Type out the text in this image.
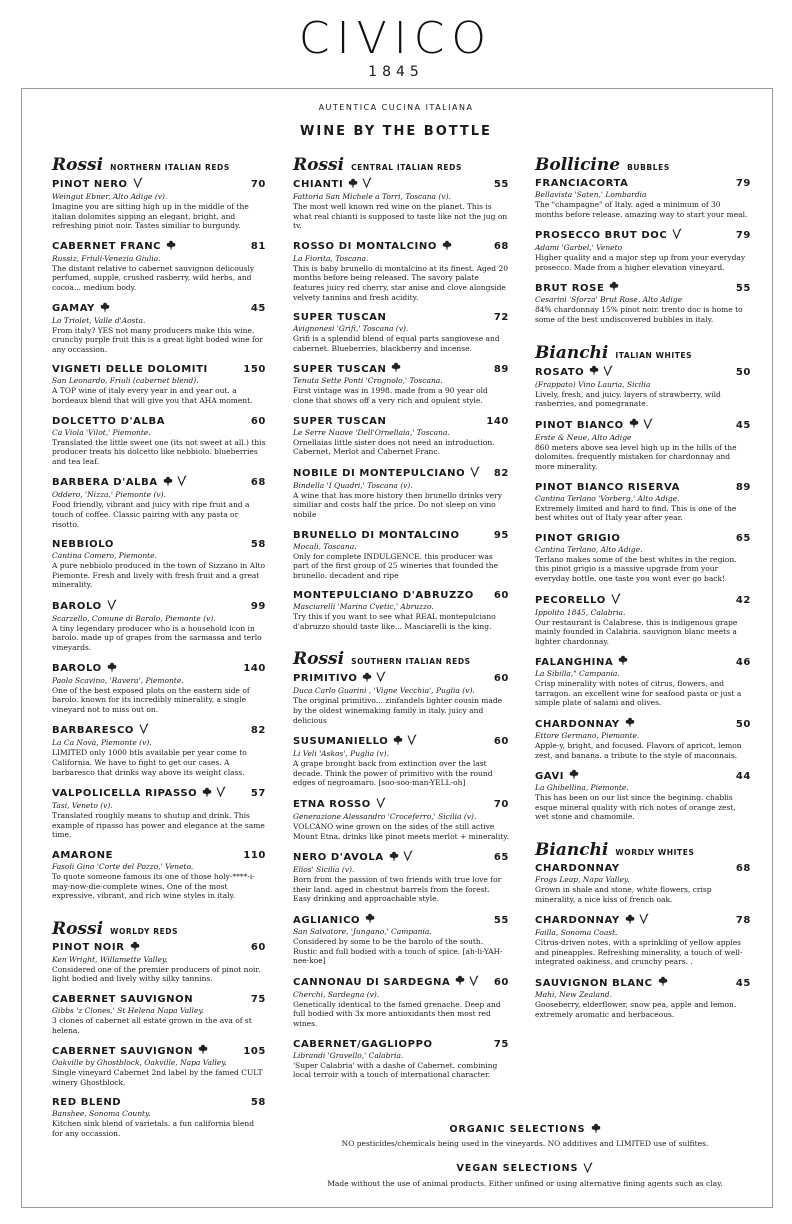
CIVICO
1845
AUTENTICA CUCINA ITALIANA
WINE BY THE BOTTLE
Rossi NORTHERN ITALIAN REDS
PINOT NERO	70
Weingut Ebner, Alto Adige (v).
Imagine you are sitting high up in the middle of the italian dolomites sipping an elegant, bright, and refreshing pinot noir. Tastes similiar to burgundy.
CABERNET FRANC	81
Russiz, Friuli-Venezia Giulia.
The distant relative to cabernet sauvignon delicously perfumed, supple, crushed rasberry, wild herbs, and cocoa... medium body.
GAMAY	45
Lo Triolet, Valle d'Aosta.
From italy? YES not many producers make this wine. crunchy purple fruit this is a great light boded wine for any occassion.
VIGNETI DELLE DOLOMITI	150
San Leonardo, Friuli (cabernet blend).
A TOP wine of italy every year in and year out. a bordeaux blend that will give you that AHA moment.
DOLCETTO D'ALBA	60
Ca Viola 'Vilot,' Piemonte.
Translated the little sweet one (its not sweet at all.) this producer treats his dolcetto like nebbiolo. blueberries and tea leaf.
BARBERA D'ALBA	68
Oddero, 'Nizza,' Piemonte (v).
Food friendly, vibrant and juicy with ripe fruit and a touch of coffee. Classic pairing with any pasta or risotto.
NEBBIOLO	58
Cantina Comero, Piemonte.
A pure nebbiolo produced in the town of Sizzano in Alto Piemonte. Fresh and lively with fresh fruit and a great minerality.
BAROLO	99
Scarzello, Comune di Barolo, Piemonte (v).
A tiny legendary producer who is a household icon in barolo. made up of grapes from the sarmassa and terlo vineyards.
BAROLO	140
Paolo Scavino, 'Ravera', Piemonte.
One of the best exposed plots on the eastern side of barolo. known for its incredibly minerality, a single vineyard not to miss out on.
BARBARESCO	82
La Ca Novà, Piemonte (v).
LIMITED only 1000 btls available per year come to California. We have to fight to get our cases. A barbaresco that drinks way above its weight class.
VALPOLICELLA RIPASSO	57
Tasi, Veneto (v).
Translated roughly means to shutup and drink. This example of ripasso has power and elegance at the same time.
AMARONE	110
Fasoli Gino 'Corte del Pozzo,' Veneto.
To quote someone famous its one of those holy-****-i-may-now-die-complete wines. One of the most expressive, vibrant, and rich wine styles in italy.
Rossi WORLDY REDS
PINOT NOIR	60
Ken Wright, Willamette Valley.
Considered one of the premier producers of pinot noir. light bodied and lively withy silky tannins.
CABERNET SAUVIGNON	75
Gibbs 'z Clones,' St Helena Napa Valley.
3 clones of cabernet all estate grown in the ava of st helena.
CABERNET SAUVIGNON	105
Oakville by Ghostblock, Oakville, Napa Valley.
Single vineyard Cabernet 2nd label by the famed CULT winery Ghostblock.
RED BLEND	58
Banshee, Sonoma County.
Kitchen sink blend of varietals. a fun california blend for any occassion.
Rossi CENTRAL ITALIAN REDS
CHIANTI	55
Fattoria San Michele a Torri, Toscana (v).
The most well known red wine on the planet. This is what real chianti is supposed to taste like not the jug on tv.
ROSSO DI MONTALCINO	68
La Fiorita, Toscana.
This is baby brunello di montalcino at its finest. Aged 20 months before being released. The savory palate features juicy red cherry, star anise and clove alongside velvety tannins and fresh acidity.
SUPER TUSCAN	72
Avignonesi 'Grifi,' Toscana (v).
Grifi is a splendid blend of equal parts sangiovese and cabernet. Blueberries, blackberry and incense.
SUPER TUSCAN	89
Tenuta Sette Ponti 'Crognolo,' Toscana.
First vintage was in 1998. made from a 90 year old clone that shows off a very rich and opulent style.
SUPER TUSCAN	140
Le Serre Nuove 'Dell'Ornellaia,' Toscana.
Ornellaias little sister does not need an introduction. Cabernet, Merlot and Cabernet Franc.
NOBILE DI MONTEPULCIANO	82
Bindella 'I Quadri,' Toscana (v).
A wine that has more history then brunello drinks very similiar and costs half the price. Do not sleep on vino nobile
BRUNELLO DI MONTALCINO	95
Mocali, Toscana.
Only for complete INDULGENCE. this producer was part of the first group of 25 wineries that founded the brunello. decadent and ripe
MONTEPULCIANO D'ABRUZZO 60
Masciarelli 'Marina Cvetic,' Abruzzo.
Try this if you want to see what REAL montepulciano d'abruzzo should taste like... Masciarelli is the king.
Rossi SOUTHERN ITALIAN REDS
PRIMITIVO	60
Duca Carlo Guarini , 'Vigne Vecchia', Puglia (v).
The original primitivo... zinfandels lighter cousin made by the oldest winemaking family in italy. juicy and delicious
SUSUMANIELLO	60
Li Veli 'Askos', Puglia (v).
A grape brought back from extinction over the last decade. Think the power of primitivo with the round edges of negroamaro. [soo-soo-man-YELL-oh]
ETNA ROSSO	70
Generazione Alessandro 'Croceferro,' Sicilia (v).
VOLCANO wine grown on the sides of the still active Mount Etna. drinks like pinot meets merlot + minerality.
NERO D'AVOLA	65
Elios' Sicilia (v).
Born from the passion of two friends with true love for their land. aged in chestnut barrels from the forest. Easy drinking and approachable style.
AGLIANICO	55
San Salvatore, 'Jungano,' Campania.
Considered by some to be the barolo of the south. Rustic and full bodied with a touch of spice. [ah-li-YAH-nee-koe]
CANNONAU DI SARDEGNA	60
Cherchi, Sardegna (v).
Genetically identical to the famed grenache. Deep and full bodied with 3x more antioxidants then most red wines.
CABERNET/GAGLIOPPO	75
Librandi 'Gravello,' Calabria.
'Super Calabria' with a dashe of Cabernet. combining local terroir with a touch of international character.
Bollicine BUBBLES
FRANCIACORTA	79
Bellavista 'Saten,' Lombardia
The "champagne" of Italy. aged a minimum of 30 months before release. amazing way to start your meal.
PROSECCO BRUT DOC	79
Adami 'Garbel,' Veneto
Higher quality and a major step up from your everyday prosecco. Made from a higher elevation vineyard.
BRUT ROSE	55
Cesarini 'Sforza' Brut Rose, Alto Adige
84% chardonnay 15% pinot noir. trento doc is home to some of the best undiscovered bubbles in italy.
Bianchi ITALIAN WHITES
ROSATO	50
(Frappato) Vino Lauria, Sicilia
Lively, fresh, and juicy. layers of strawberry, wild rasberries, and pomegranate.
PINOT BIANCO	45
Erste & Neue, Alto Adige
860 meters above sea level high up in the hills of the dolomites. frequently mistaken for chardonnay and more minerality.
PINOT BIANCO RISERVA	89
Cantina Terlano 'Vorberg,' Alto Adige.
Extremely limited and hard to find. This is one of the best whites out of Italy year after year.
PINOT GRIGIO	65
Cantina Terlano, Alto Adige.
Terlano makes some of the best whites in the region. this pinot grigio is a massive upgrade from your everyday bottle. one taste you wont ever go back!
PECORELLO	42
Ippolito 1845, Calabria.
Our restaurant is Calabrese. this is indigenous grape mainly founded in Calabria. sauvignon blanc meets a lighter chardonnay.
FALANGHINA	46
La Sibilla," Campania.
Crisp minerality with notes of citrus, flowers, and tarragon. an excellent wine for seafood pasta or just a simple plate of salami and olives.
CHARDONNAY	50
Ettore Germano, Piemonte.
Apple-y, bright, and focused. Flavors of apricot, lemon zest, and banana. a tribute to the style of maconnais.
GAVI	44
La Ghibellina, Piemonte.
This has been on our list since the begining. chablis esque mineral quality with rich notes of orange zest, wet stone and chamomile.
Bianchi WORDLY WHITES
CHARDONNAY	68
Frogs Leap, Napa Valley.
Grown in shale and stone, white flowers, crisp minerality, a nice kiss of french oak.
CHARDONNAY	78
Failla, Sonoma Coast.
Citrus-driven notes, with a sprinkling of yellow apples and pineapples. Refreshing minerality, a touch of well-integrated oakiness, and crunchy pears. .
SAUVIGNON BLANC	45
Mahi, New Zealand.
Gooseberry, elderflower, snow pea, apple and lemon. extremely aromatic and herbaceous.
ORGANIC SELECTIONS
NO pesticides/chemicals being used in the vineyards. NO additives and LIMITED use of sulfites.
VEGAN SELECTIONS
Made without the use of animal products. Either unfined or using alternative fining agents such as clay.
